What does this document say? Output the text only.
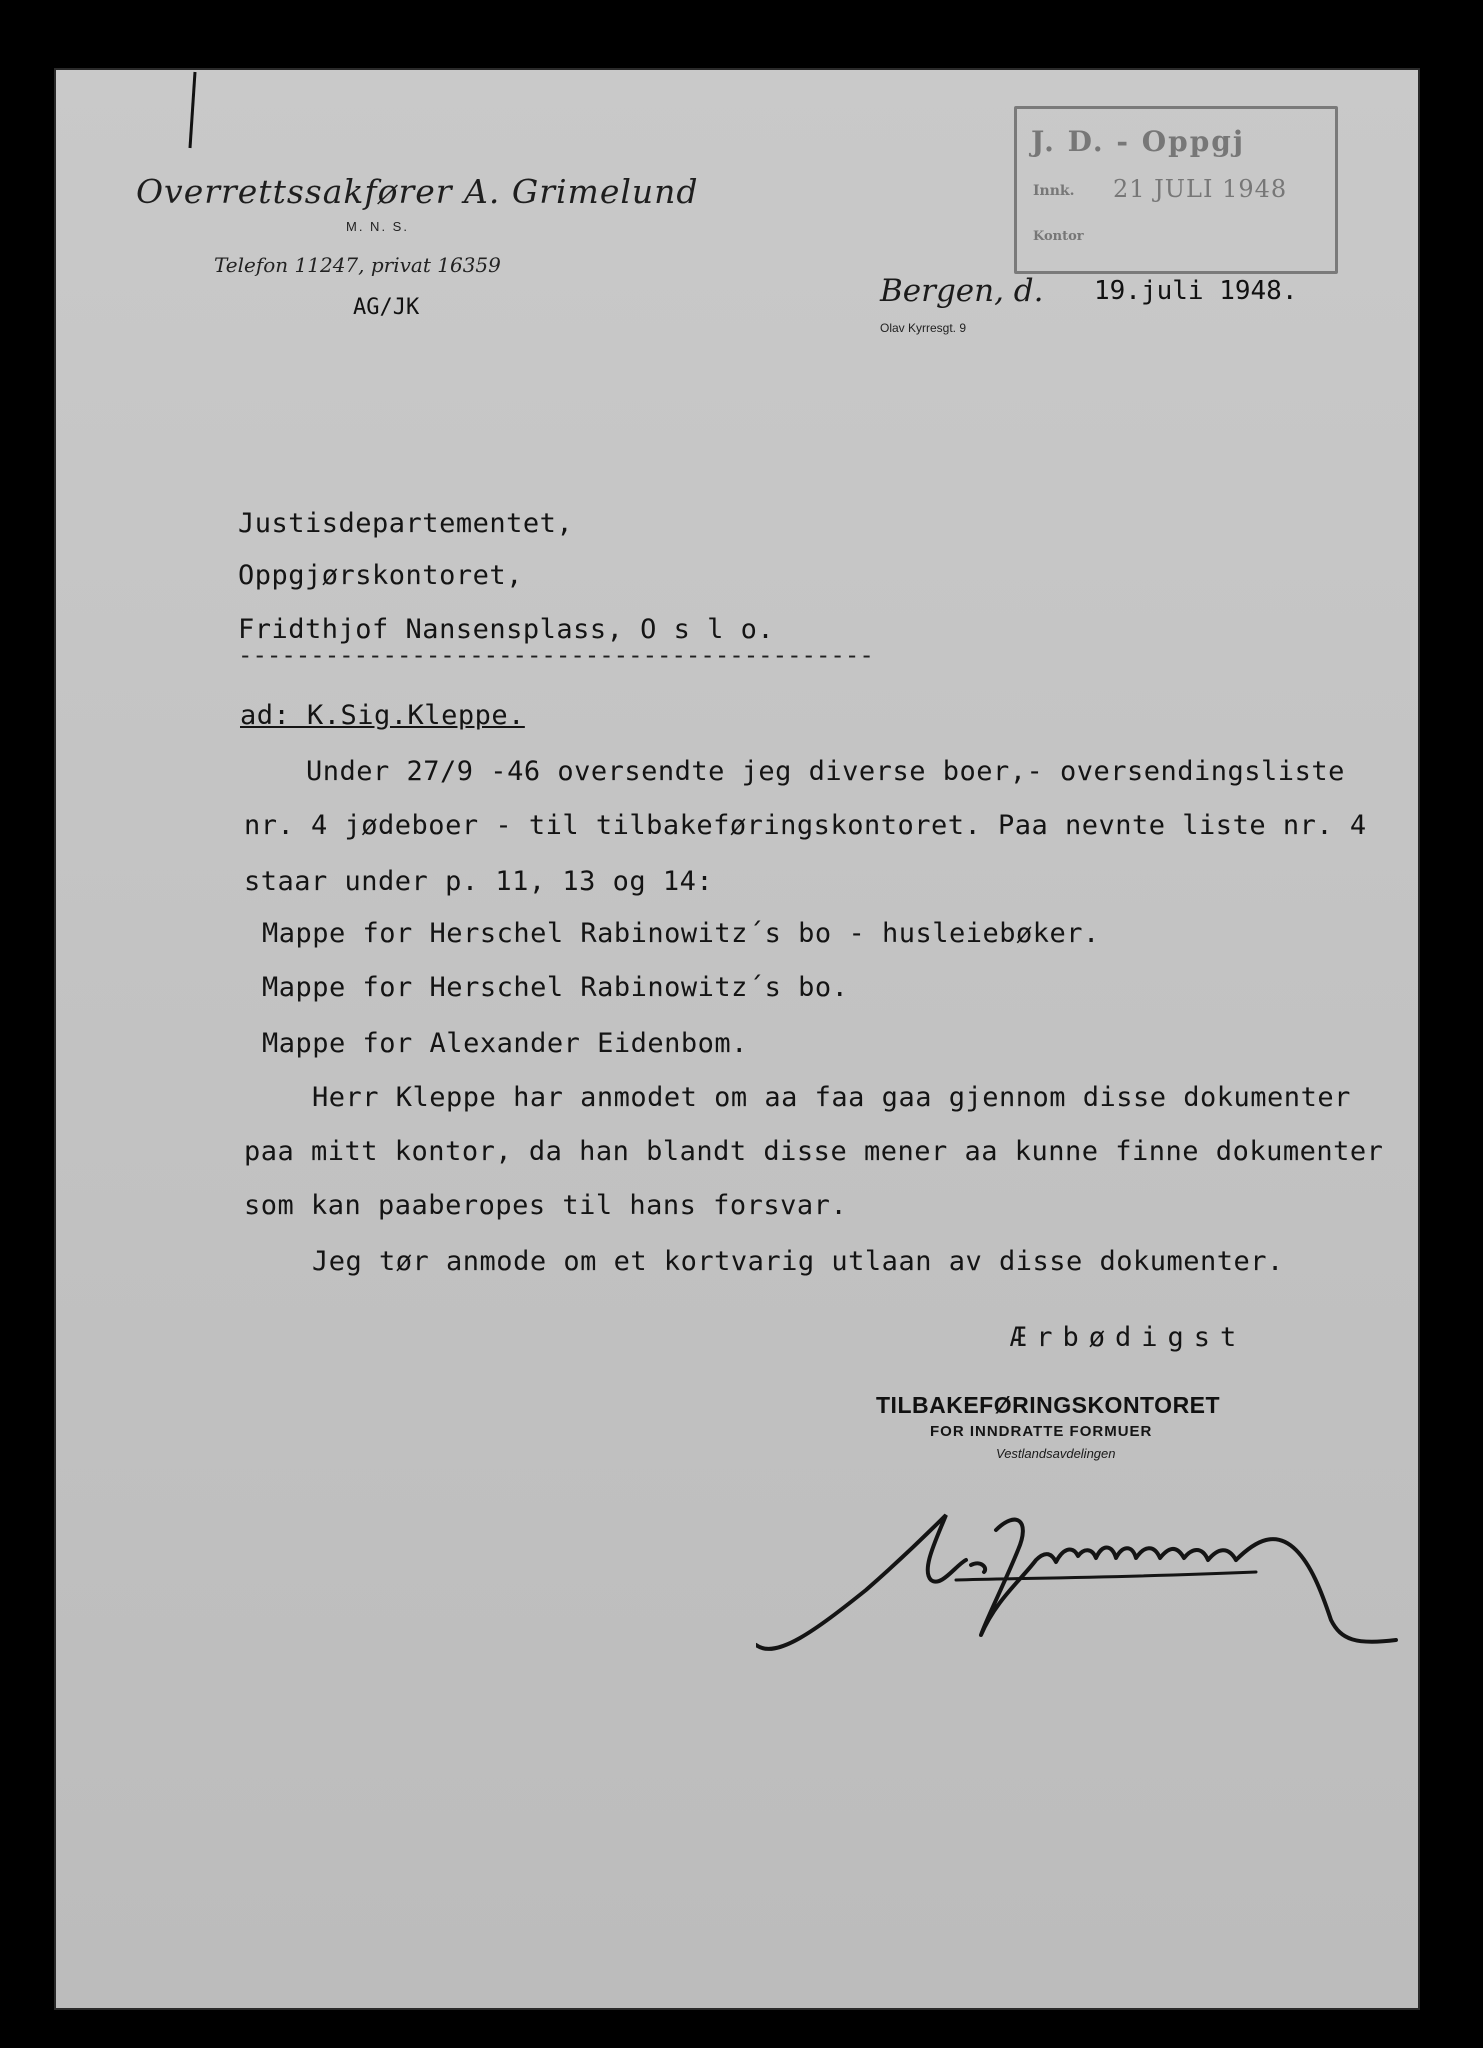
Overrettssakfører A. Grimelund
M. N. S.
Telefon 11247, privat 16359
AG/JK
J. D. - Oppgj
Innk. 21 JULI 1948
Kontor
Bergen, d. 19.juli 1948.
Olav Kyrresgt. 9
Justisdepartementet,
Oppgjørskontoret,
Fridthjof Nansensplass, O s l o.
--------------------------------------------
ad: K.Sig.Kleppe.
Under 27/9 -46 oversendte jeg diverse boer,- oversendingsliste
nr. 4 jødeboer - til tilbakeføringskontoret. Paa nevnte liste nr. 4
staar under p. 11, 13 og 14:
Mappe for Herschel Rabinowitz´s bo - husleiebøker.
Mappe for Herschel Rabinowitz´s bo.
Mappe for Alexander Eidenbom.
Herr Kleppe har anmodet om aa faa gaa gjennom disse dokumenter
paa mitt kontor, da han blandt disse mener aa kunne finne dokumenter
som kan paaberopes til hans forsvar.
Jeg tør anmode om et kortvarig utlaan av disse dokumenter.
Ærbødigst
TILBAKEFØRINGSKONTORET
FOR INNDRATTE FORMUER
Vestlandsavdelingen
